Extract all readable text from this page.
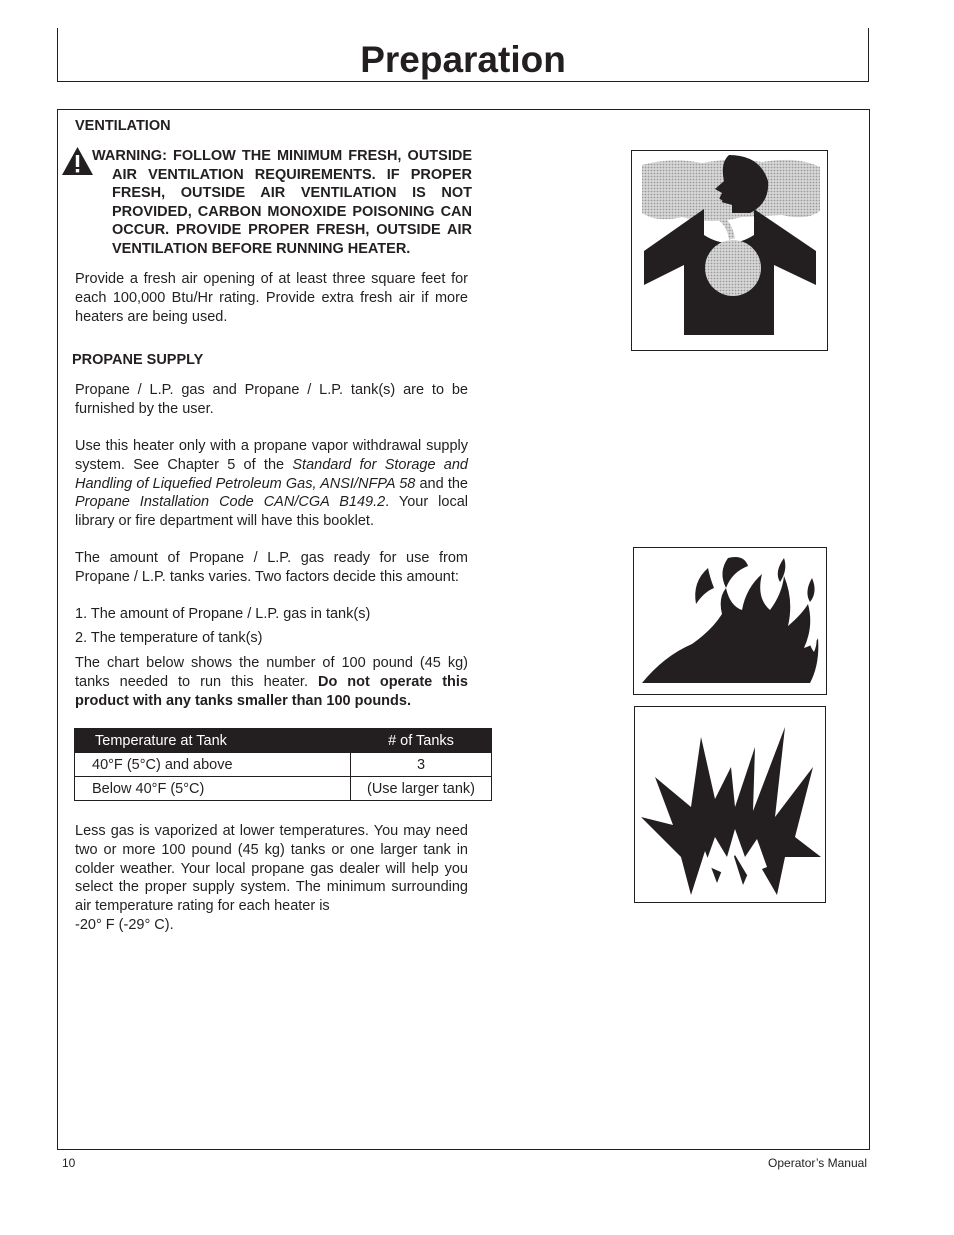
Preparation
VENTILATION

WARNING: FOLLOW THE MINIMUM FRESH, OUTSIDE AIR VENTILATION REQUIREMENTS. IF PROPER FRESH, OUTSIDE AIR VENTILATION IS NOT PROVIDED, CARBON MONOXIDE POISONING CAN OCCUR. PROVIDE PROPER FRESH, OUTSIDE AIR VENTILATION BEFORE RUNNING HEATER.

Provide a fresh air opening of at least three square feet for each 100,000 Btu/Hr rating. Provide extra fresh air if more heaters are being used.

PROPANE SUPPLY

Propane / L.P. gas and Propane / L.P. tank(s) are to be furnished by the user.

Use this heater only with a propane vapor withdrawal supply system. See Chapter 5 of the Standard for Storage and Handling of Liquefied Petroleum Gas, ANSI/NFPA 58 and the Propane Installation Code CAN/CGA B149.2. Your local library or fire department will have this booklet.

The amount of Propane / L.P. gas ready for use from Propane / L.P. tanks varies. Two factors decide this amount:

1. The amount of Propane / L.P. gas in tank(s)
2. The temperature of tank(s)

The chart below shows the number of 100 pound (45 kg) tanks needed to run this heater. Do not operate this product with any tanks smaller than 100 pounds.

Temperature at Tank	# of Tanks
40°F (5°C) and above	3
Below 40°F (5°C)	(Use larger tank)

Less gas is vaporized at lower temperatures. You may need two or more 100 pound (45 kg) tanks or one larger tank in colder weather. Your local propane gas dealer will help you select the proper supply system. The minimum surrounding air temperature rating for each heater is

-20° F (-29° C).
10	Operator’s Manual
